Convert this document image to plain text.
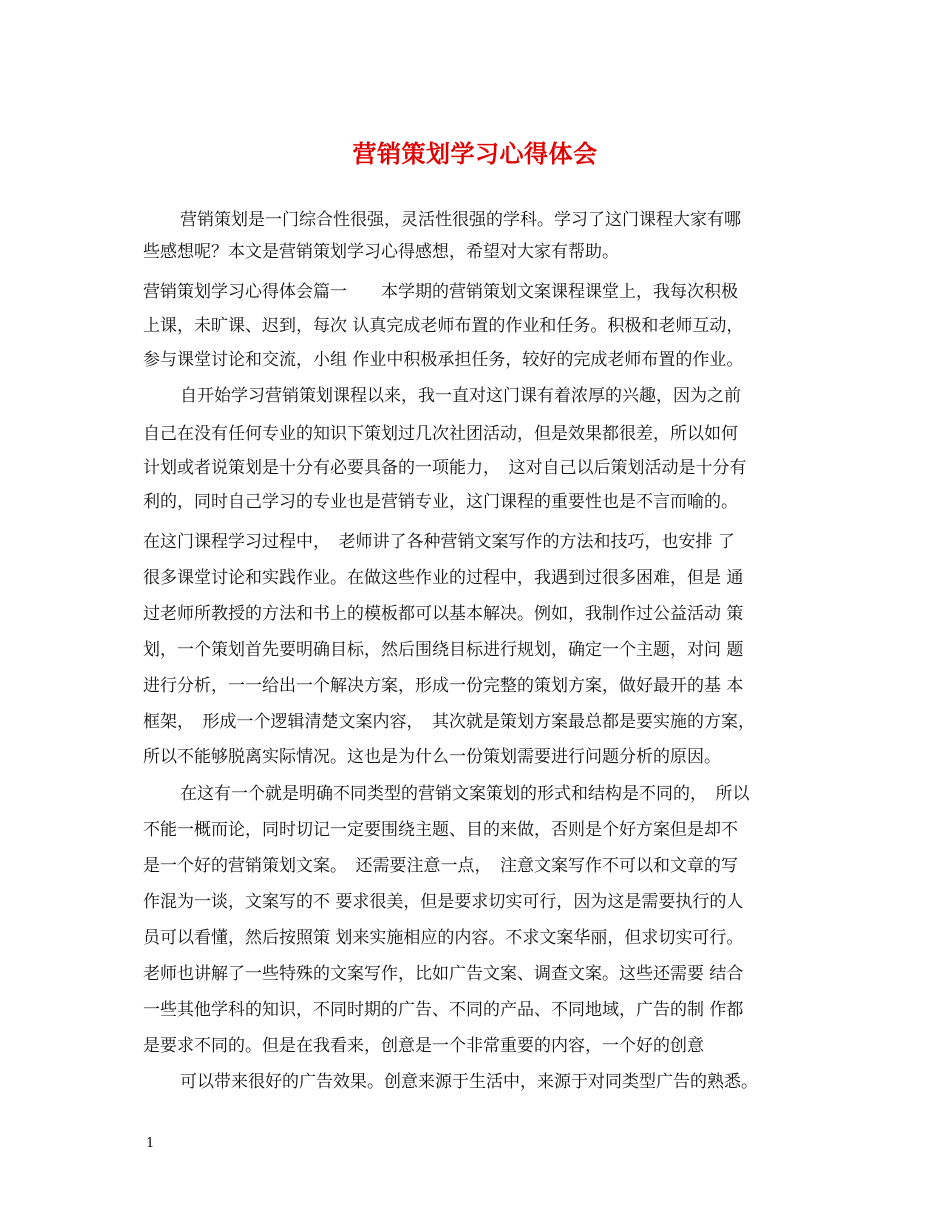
营销策划学习心得体会
营销策划是一门综合性很强，灵活性很强的学科。学习了这门课程大家有哪
些感想呢？本文是营销策划学习心得感想，希望对大家有帮助。
营销策划学习心得体会篇一　　本学期的营销策划文案课程课堂上，我每次积极
上课，未旷课、迟到，每次 认真完成老师布置的作业和任务。积极和老师互动，
参与课堂讨论和交流，小组 作业中积极承担任务，较好的完成老师布置的作业。
自开始学习营销策划课程以来，我一直对这门课有着浓厚的兴趣，因为之前
自己在没有任何专业的知识下策划过几次社团活动，但是效果都很差，所以如何
计划或者说策划是十分有必要具备的一项能力，　这对自己以后策划活动是十分有
利的，同时自己学习的专业也是营销专业，这门课程的重要性也是不言而喻的。
在这门课程学习过程中，　老师讲了各种营销文案写作的方法和技巧，也安排 了
很多课堂讨论和实践作业。在做这些作业的过程中，我遇到过很多困难，但是 通
过老师所教授的方法和书上的模板都可以基本解决。例如，我制作过公益活动 策
划，一个策划首先要明确目标，然后围绕目标进行规划，确定一个主题，对问 题
进行分析，一一给出一个解决方案，形成一份完整的策划方案，做好最开的基 本
框架，　形成一个逻辑清楚文案内容，　其次就是策划方案最总都是要实施的方案，
所以不能够脱离实际情况。这也是为什么一份策划需要进行问题分析的原因。
在这有一个就是明确不同类型的营销文案策划的形式和结构是不同的，　所以
不能一概而论，同时切记一定要围绕主题、目的来做，否则是个好方案但是却不
是一个好的营销策划文案。　还需要注意一点，　注意文案写作不可以和文章的写
作混为一谈，文案写的不 要求很美，但是要求切实可行，因为这是需要执行的人
员可以看懂，然后按照策 划来实施相应的内容。不求文案华丽，但求切实可行。
老师也讲解了一些特殊的文案写作，比如广告文案、调查文案。这些还需要 结合
一些其他学科的知识，不同时期的广告、不同的产品、不同地域，广告的制 作都
是要求不同的。但是在我看来，创意是一个非常重要的内容，一个好的创意
可以带来很好的广告效果。创意来源于生活中，来源于对同类型广告的熟悉。
1
